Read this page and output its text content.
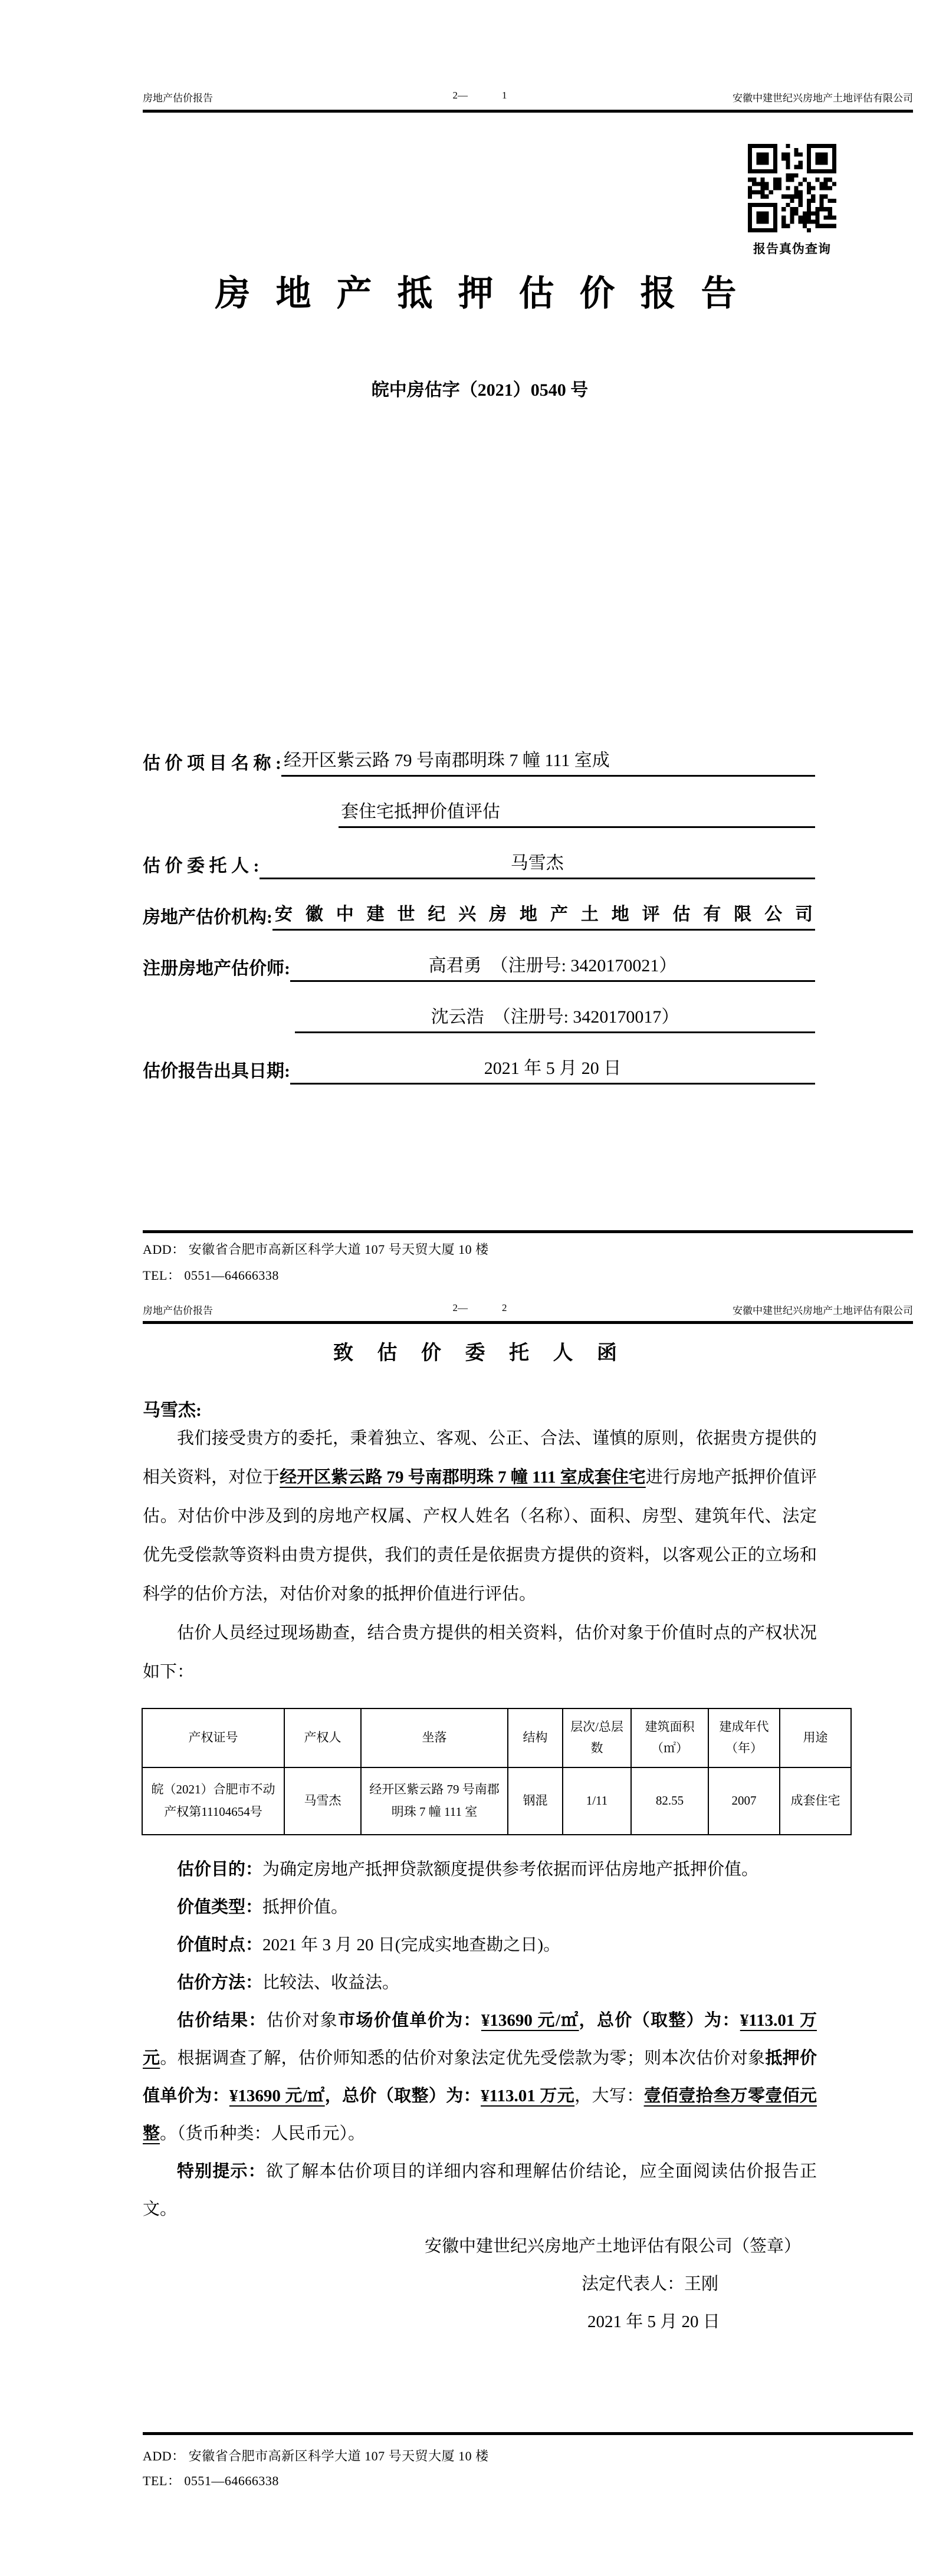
房地产估价报告	2—	1	安徽中建世纪兴房地产土地评估有限公司
报告真伪查询
房 地 产 抵 押 估 价 报 告
皖中房估字（2021）0540 号
估 价 项 目 名 称 : 经开区紫云路 79 号南郡明珠 7 幢 111 室成
套住宅抵押价值评估
估 价 委 托 人 :	马雪杰
房地产估价机构: 安徽中建世纪兴房地产土地评估有限公司
注册房地产估价师:	高君勇　（注册号: 3420170021）
沈云浩　（注册号: 3420170017）
估价报告出具日期:	2021 年 5 月 20 日
ADD： 安徽省合肥市高新区科学大道 107 号天贸大厦 10 楼
TEL： 0551—64666338
房地产估价报告	2—	2	安徽中建世纪兴房地产土地评估有限公司
致 估 价 委 托 人 函
马雪杰:

我们接受贵方的委托，秉着独立、客观、公正、合法、谨慎的原则，依据贵方提供的相关资料，对位于经开区紫云路 79 号南郡明珠 7 幢 111 室成套住宅进行房地产抵押价值评估。对估价中涉及到的房地产权属、产权人姓名（名称）、面积、房型、建筑年代、法定优先受偿款等资料由贵方提供，我们的责任是依据贵方提供的资料，以客观公正的立场和科学的估价方法，对估价对象的抵押价值进行评估。

估价人员经过现场勘查，结合贵方提供的相关资料，估价对象于价值时点的产权状况如下：

产权证号	产权人	坐落	结构	层次/总层数	建筑面积（㎡）	建成年代（年）	用途
皖（2021）合肥市不动产权第11104654号	马雪杰	经开区紫云路 79 号南郡明珠 7 幢 111 室	钢混	1/11	82.55	2007	成套住宅

估价目的：为确定房地产抵押贷款额度提供参考依据而评估房地产抵押价值。

价值类型：抵押价值。

价值时点：2021 年 3 月 20 日(完成实地查勘之日)。

估价方法：比较法、收益法。

估价结果：估价对象市场价值单价为：¥13690 元/㎡，总价（取整）为：¥113.01 万元。根据调查了解，估价师知悉的估价对象法定优先受偿款为零；则本次估价对象抵押价值单价为：¥13690 元/㎡，总价（取整）为：¥113.01 万元，大写：壹佰壹拾叁万零壹佰元整。（货币种类：人民币元）。

特别提示：欲了解本估价项目的详细内容和理解估价结论，应全面阅读估价报告正文。

安徽中建世纪兴房地产土地评估有限公司（签章）
法定代表人：王刚
2021 年 5 月 20 日
ADD： 安徽省合肥市高新区科学大道 107 号天贸大厦 10 楼
TEL： 0551—64666338
